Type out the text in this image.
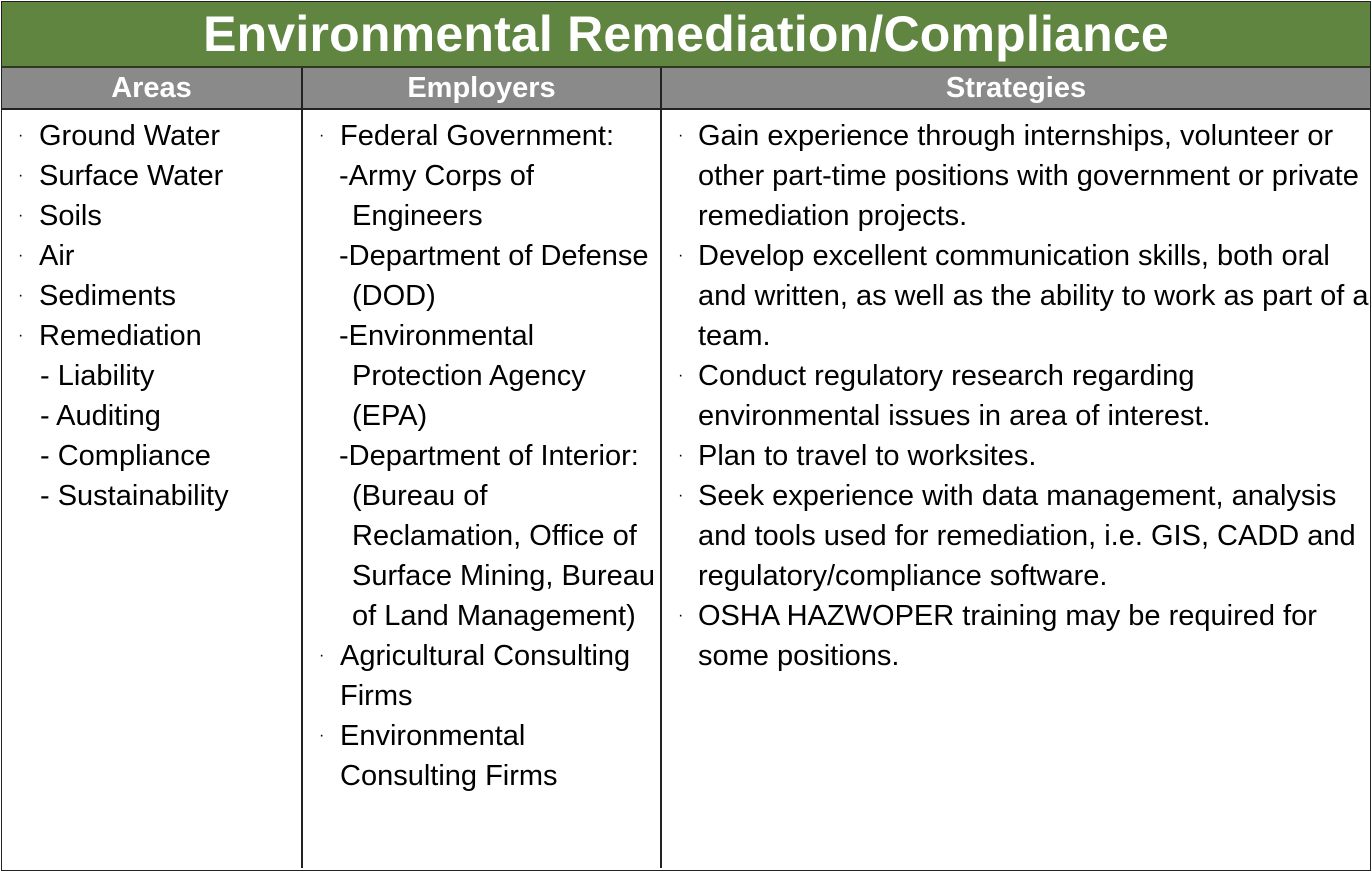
Environmental Remediation/Compliance
Areas	Employers	Strategies
· Ground Water
· Surface Water
· Soils
· Air
· Sediments
· Remediation
- Liability
- Auditing
- Compliance
- Sustainability
· Federal Government:
-Army Corps of Engineers
-Department of Defense (DOD)
-Environmental Protection Agency (EPA)
-Department of Interior:
(Bureau of Reclamation, Office of Surface Mining, Bureau of Land Management)
· Agricultural Consulting Firms
· Environmental Consulting Firms
· Gain experience through internships, volunteer or other part-time positions with government or private remediation projects.
· Develop excellent communication skills, both oral and written, as well as the ability to work as part of a team.
· Conduct regulatory research regarding environmental issues in area of interest.
· Plan to travel to worksites.
· Seek experience with data management, analysis and tools used for remediation, i.e. GIS, CADD and regulatory/compliance software.
· OSHA HAZWOPER training may be required for some positions.
